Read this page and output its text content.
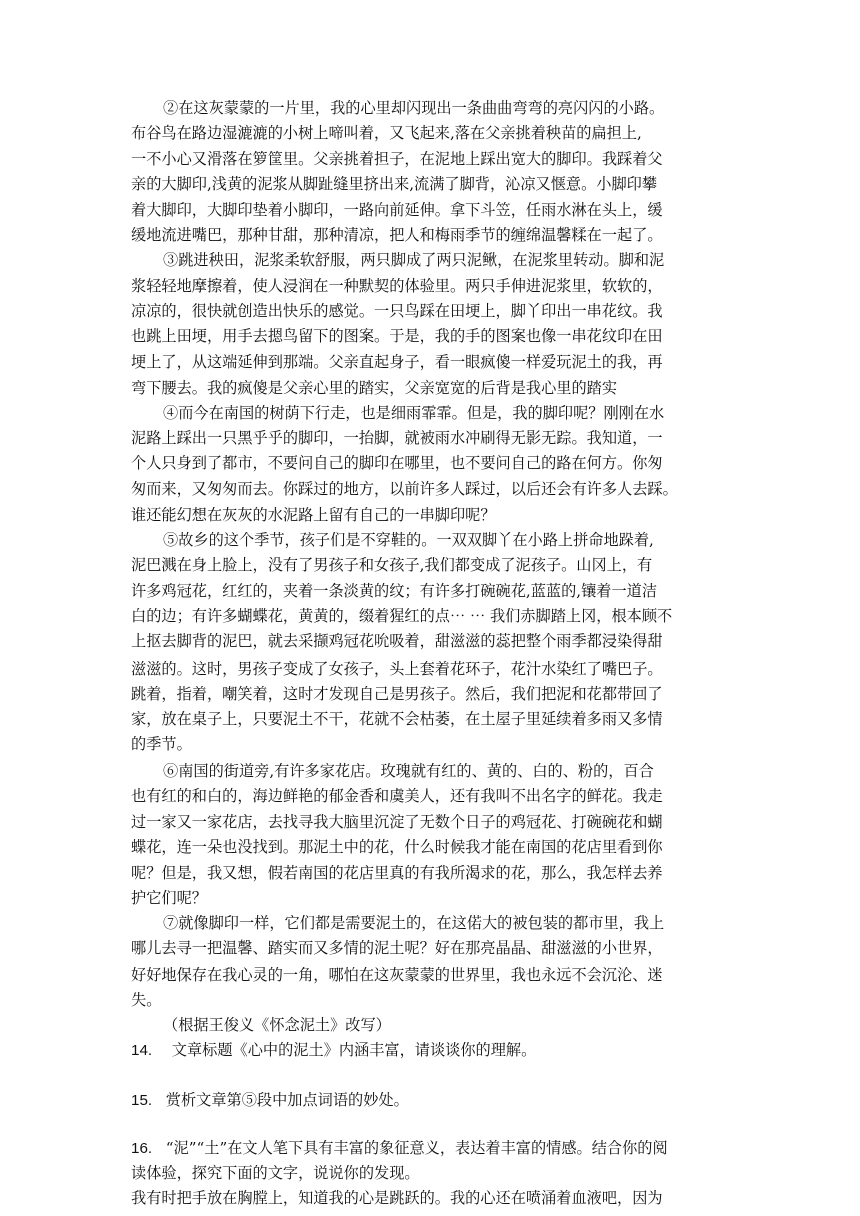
②在这灰蒙蒙的一片里，我的心里却闪现出一条曲曲弯弯的亮闪闪的小路。
布谷鸟在路边湿漉漉的小树上啼叫着，又飞起来,落在父亲挑着秧苗的扁担上,
一不小心又滑落在箩筐里。父亲挑着担子，在泥地上踩出宽大的脚印。我踩着父
亲的大脚印,浅黄的泥浆从脚趾缝里挤出来,流满了脚背，沁凉又惬意。小脚印攀
着大脚印，大脚印垫着小脚印，一路向前延伸。拿下斗笠，任雨水淋在头上，缓
缓地流进嘴巴，那种甘甜，那种清凉，把人和梅雨季节的缠绵温馨糅在一起了。
③跳进秧田，泥浆柔软舒服，两只脚成了两只泥鳅，在泥浆里转动。脚和泥
浆轻轻地摩擦着，使人浸润在一种默契的体验里。两只手伸进泥浆里，软软的，
凉凉的，很快就创造出快乐的感觉。一只鸟踩在田埂上，脚丫印出一串花纹。我
也跳上田埂，用手去摁鸟留下的图案。于是，我的手的图案也像一串花纹印在田
埂上了，从这端延伸到那端。父亲直起身子，看一眼疯傻一样爱玩泥土的我，再
弯下腰去。我的疯傻是父亲心里的踏实，父亲宽宽的后背是我心里的踏实
④而今在南国的树荫下行走，也是细雨霏霏。但是，我的脚印呢？刚刚在水
泥路上踩出一只黑乎乎的脚印，一抬脚，就被雨水冲刷得无影无踪。我知道，一
个人只身到了都市，不要问自己的脚印在哪里，也不要问自己的路在何方。你匆
匆而来，又匆匆而去。你踩过的地方，以前许多人踩过，以后还会有许多人去踩。
谁还能幻想在灰灰的水泥路上留有自己的一串脚印呢？
⑤故乡的这个季节，孩子们是不穿鞋的。一双双脚丫在小路上拼命地跺着,
泥巴溅在身上脸上，没有了男孩子和女孩子,我们都变成了泥孩子。山冈上，有
许多鸡冠花，红红的，夹着一条淡黄的纹；有许多打碗碗花,蓝蓝的,镶着一道洁
白的边；有许多蝴蝶花，黄黄的，缀着猩红的点⋯ ⋯ 我们赤脚踏上冈，根本顾不
上抠去脚背的泥巴，就去采撷鸡冠花吮吸着，甜滋滋的蕊把整个雨季都浸染得甜
滋滋的。这时，男孩子变成了女孩子，头上套着花环子，花汁水染红了嘴巴子。
跳着，指着，嘲笑着，这时才发现自己是男孩子。然后，我们把泥和花都带回了
家，放在桌子上，只要泥土不干，花就不会枯萎，在土屋子里延续着多雨又多情
的季节。
⑥南国的街道旁,有许多家花店。玫瑰就有红的、黄的、白的、粉的，百合
也有红的和白的，海边鲜艳的郁金香和虞美人，还有我叫不出名字的鲜花。我走
过一家又一家花店，去找寻我大脑里沉淀了无数个日子的鸡冠花、打碗碗花和蝴
蝶花，连一朵也没找到。那泥土中的花，什么时候我才能在南国的花店里看到你
呢？但是，我又想，假若南国的花店里真的有我所渴求的花，那么，我怎样去养
护它们呢？
⑦就像脚印一样，它们都是需要泥土的，在这偌大的被包装的都市里，我上
哪儿去寻一把温馨、踏实而又多情的泥土呢？好在那亮晶晶、甜滋滋的小世界，
好好地保存在我心灵的一角，哪怕在这灰蒙蒙的世界里，我也永远不会沉沦、迷
失。
（根据王俊义《怀念泥土》改写）
14. 文章标题《心中的泥土》内涵丰富，请谈谈你的理解。
15. 赏析文章第⑤段中加点词语的妙处。
16. “泥”“土”在文人笔下具有丰富的象征意义，表达着丰富的情感。结合你的阅
读体验，探究下面的文字，说说你的发现。
我有时把手放在胸膛上，知道我的心是跳跃的。我的心还在喷涌着血液吧，因为
